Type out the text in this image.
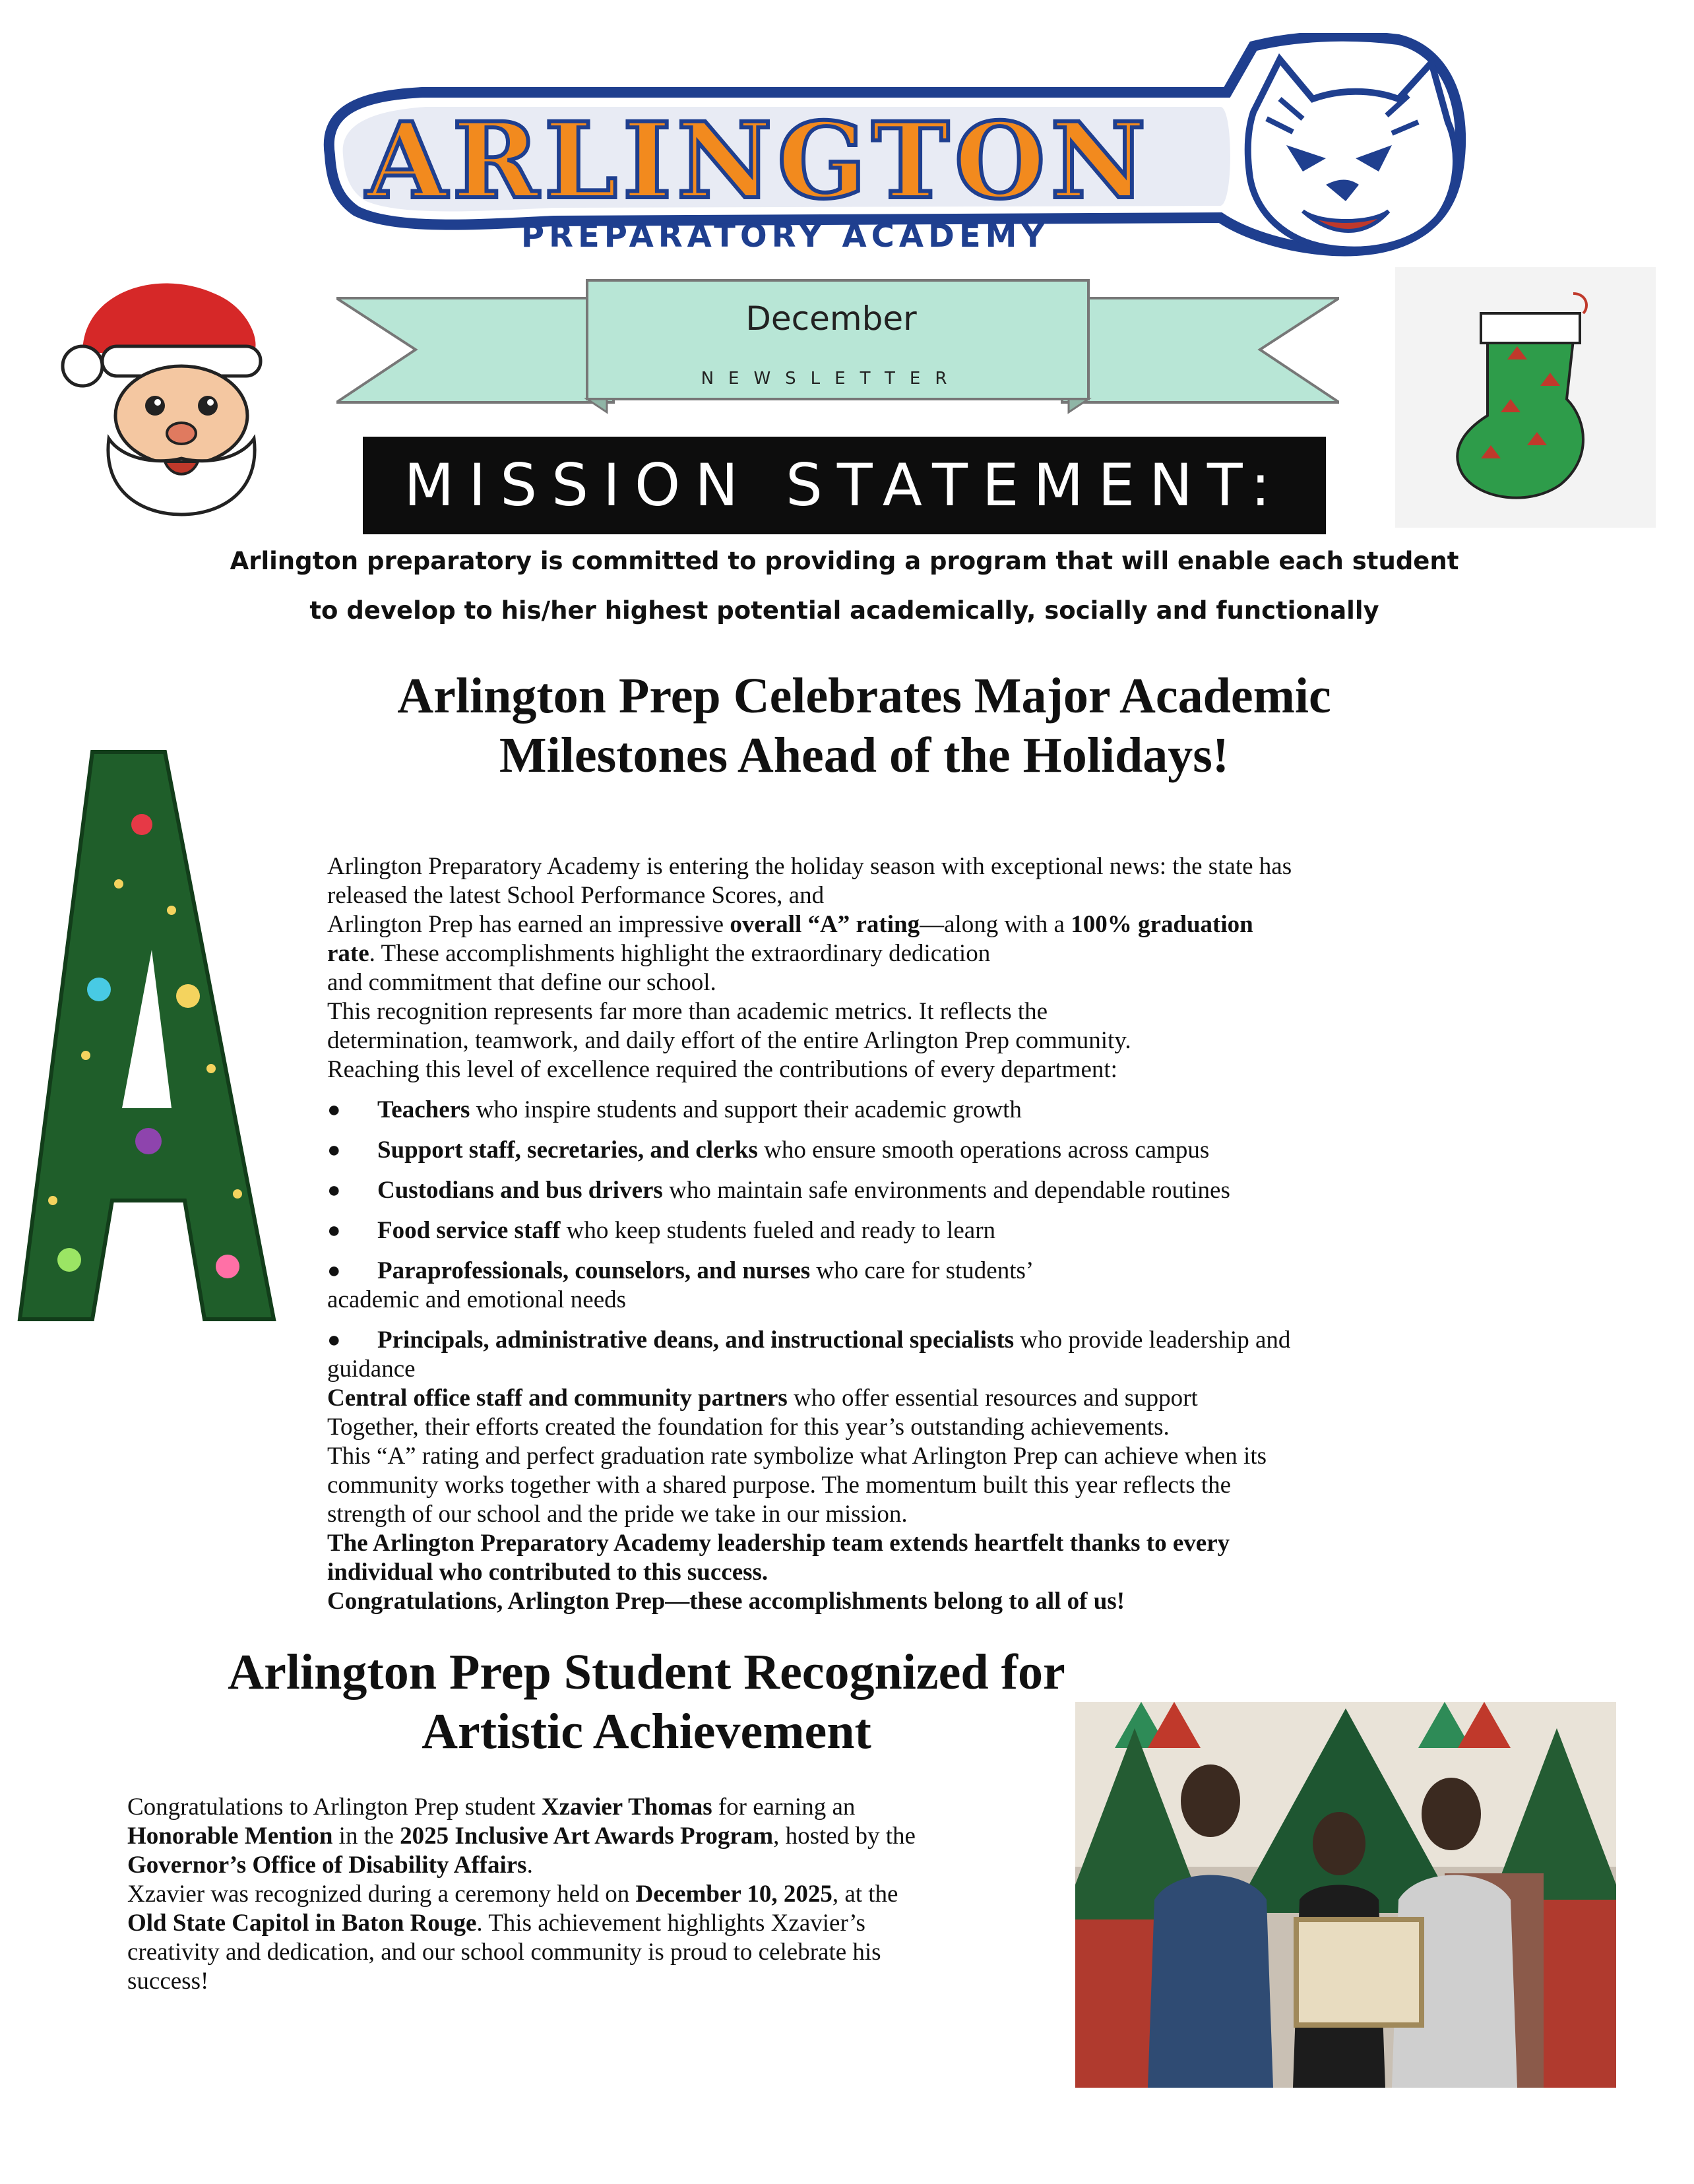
ARLINGTON
PREPARATORY ACADEMY
December
NEWSLETTER
MISSION STATEMENT:
Arlington preparatory is committed to providing a program that will enable each student
to develop to his/her highest potential academically, socially and functionally
Arlington Prep Celebrates Major Academic
Milestones Ahead of the Holidays!
Arlington Preparatory Academy is entering the holiday season with exceptional news: the state has
released the latest School Performance Scores, and
Arlington Prep has earned an impressive overall “A” rating—along with a 100% graduation
rate. These accomplishments highlight the extraordinary dedication
and commitment that define our school.
This recognition represents far more than academic metrics. It reflects the
determination, teamwork, and daily effort of the entire Arlington Prep community.
Reaching this level of excellence required the contributions of every department:
●	Teachers who inspire students and support their academic growth
●	Support staff, secretaries, and clerks who ensure smooth operations across campus
●	Custodians and bus drivers who maintain safe environments and dependable routines
●	Food service staff who keep students fueled and ready to learn
●	Paraprofessionals, counselors, and nurses who care for students’
academic and emotional needs
●	Principals, administrative deans, and instructional specialists who provide leadership and
guidance
Central office staff and community partners who offer essential resources and support
Together, their efforts created the foundation for this year’s outstanding achievements.
This “A” rating and perfect graduation rate symbolize what Arlington Prep can achieve when its
community works together with a shared purpose. The momentum built this year reflects the
strength of our school and the pride we take in our mission.
The Arlington Preparatory Academy leadership team extends heartfelt thanks to every
individual who contributed to this success.
Congratulations, Arlington Prep—these accomplishments belong to all of us!
Arlington Prep Student Recognized for
Artistic Achievement
Congratulations to Arlington Prep student Xzavier Thomas for earning an
Honorable Mention in the 2025 Inclusive Art Awards Program, hosted by the
Governor’s Office of Disability Affairs.
Xzavier was recognized during a ceremony held on December 10, 2025, at the
Old State Capitol in Baton Rouge. This achievement highlights Xzavier’s
creativity and dedication, and our school community is proud to celebrate his
success!
